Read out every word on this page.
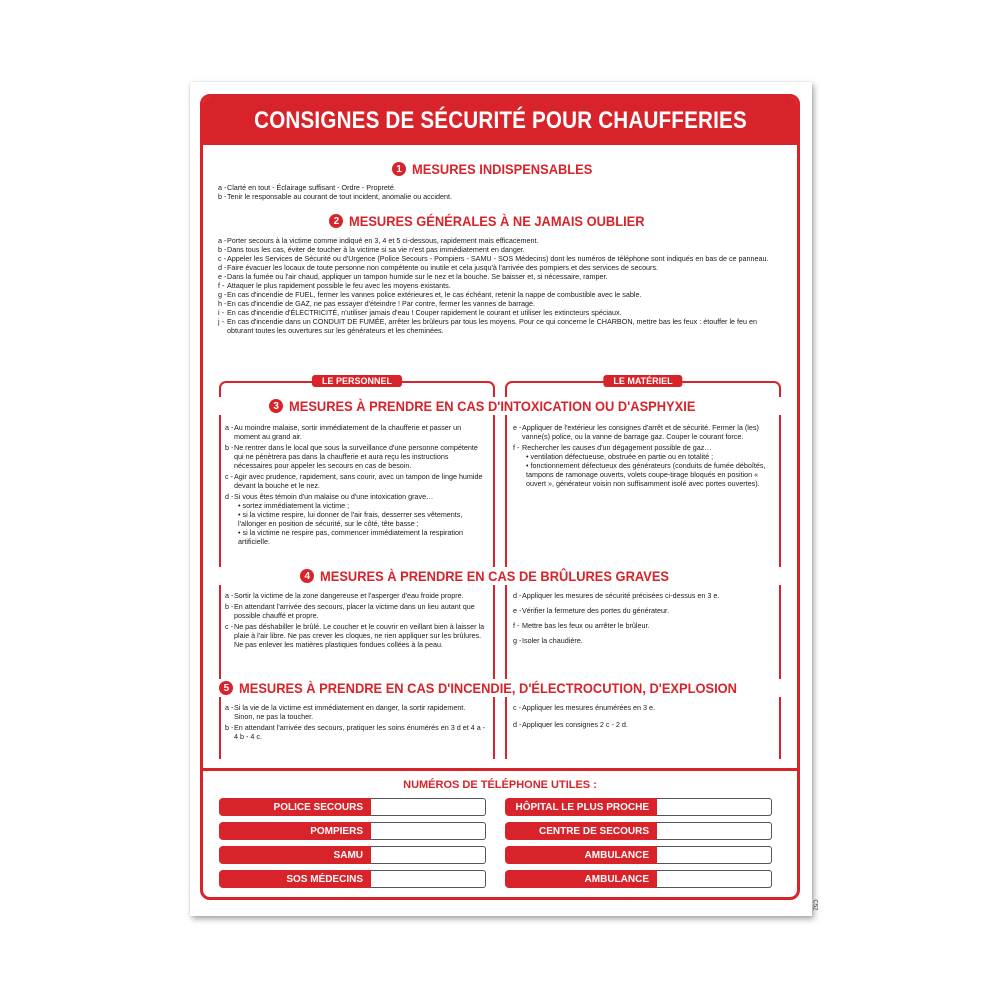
CONSIGNES DE SÉCURITÉ POUR CHAUFFERIES
1 MESURES INDISPENSABLES
a - Clarté en tout - Éclairage suffisant - Ordre - Propreté.
b - Tenir le responsable au courant de tout incident, anomalie ou accident.
2 MESURES GÉNÉRALES À NE JAMAIS OUBLIER
a - Porter secours à la victime comme indiqué en 3, 4 et 5 ci-dessous, rapidement mais efficacement.
b - Dans tous les cas, éviter de toucher à la victime si sa vie n'est pas immédiatement en danger.
c - Appeler les Services de Sécurité ou d'Urgence (Police Secours - Pompiers - SAMU - SOS Médecins) dont les numéros de téléphone sont indiqués en bas de ce panneau.
d - Faire évacuer les locaux de toute personne non compétente ou inutile et cela jusqu'à l'arrivée des pompiers et des services de secours.
e - Dans la fumée ou l'air chaud, appliquer un tampon humide sur le nez et la bouche. Se baisser et, si nécessaire, ramper.
f - Attaquer le plus rapidement possible le feu avec les moyens existants.
g - En cas d'incendie de FUEL, fermer les vannes police extérieures et, le cas échéant, retenir la nappe de combustible avec le sable.
h - En cas d'incendie de GAZ, ne pas essayer d'éteindre ! Par contre, fermer les vannes de barrage.
i - En cas d'incendie d'ÉLECTRICITÉ, n'utiliser jamais d'eau ! Couper rapidement le courant et utiliser les extincteurs spéciaux.
j - En cas d'incendie dans un CONDUIT DE FUMÉE, arrêter les brûleurs par tous les moyens. Pour ce qui concerne le CHARBON, mettre bas les feux : étouffer le feu en obturant toutes les ouvertures sur les générateurs et les cheminées.
LE PERSONNEL	LE MATÉRIEL
3 MESURES À PRENDRE EN CAS D'INTOXICATION OU D'ASPHYXIE
a - Au moindre malaise, sortir immédiatement de la chaufferie et passer un moment au grand air.
b - Ne rentrer dans le local que sous la surveillance d'une personne compétente qui ne pénètrera pas dans la chaufferie et aura reçu les instructions nécessaires pour appeler les secours en cas de besoin.
c - Agir avec prudence, rapidement, sans courir, avec un tampon de linge humide devant la bouche et le nez.
d - Si vous êtes témoin d'un malaise ou d'une intoxication grave…
• sortez immédiatement la victime ;
• si la victime respire, lui donner de l'air frais, desserrer ses vêtements, l'allonger en position de sécurité, sur le côté, tête basse ;
• si la victime ne respire pas, commencer immédiatement la respiration artificielle.
e - Appliquer de l'extérieur les consignes d'arrêt et de sécurité. Fermer la (les) vanne(s) police, ou la vanne de barrage gaz. Couper le courant force.
f - Rechercher les causes d'un dégagement possible de gaz…
• ventilation défectueuse, obstruée en partie ou en totalité ;
• fonctionnement défectueux des générateurs (conduits de fumée déboîtés, tampons de ramonage ouverts, volets coupe-tirage bloqués en position « ouvert », générateur voisin non suffisamment isolé avec portes ouvertes).
4 MESURES À PRENDRE EN CAS DE BRÛLURES GRAVES
a - Sortir la victime de la zone dangereuse et l'asperger d'eau froide propre.
b - En attendant l'arrivée des secours, placer la victime dans un lieu autant que possible chauffé et propre.
c - Ne pas déshabiller le brûlé. Le coucher et le couvrir en veillant bien à laisser la plaie à l'air libre. Ne pas crever les cloques, ne rien appliquer sur les brûlures. Ne pas enlever les matières plastiques fondues collées à la peau.
d - Appliquer les mesures de sécurité précisées ci-dessus en 3 e.
e - Vérifier la fermeture des portes du générateur.
f - Mettre bas les feux ou arrêter le brûleur.
g - Isoler la chaudière.
5 MESURES À PRENDRE EN CAS D'INCENDIE, D'ÉLECTROCUTION, D'EXPLOSION
a - Si la vie de la victime est immédiatement en danger, la sortir rapidement. Sinon, ne pas la toucher.
b - En attendant l'arrivée des secours, pratiquer les soins énumérés en 3 d et 4 a - 4 b - 4 c.
c - Appliquer les mesures énumérées en 3 e.
d - Appliquer les consignes 2 c - 2 d.
NUMÉROS DE TÉLÉPHONE UTILES :
POLICE SECOURS
POMPIERS
SAMU
SOS MÉDECINS
HÔPITAL LE PLUS PROCHE
CENTRE DE SECOURS
AMBULANCE
AMBULANCE
C52
